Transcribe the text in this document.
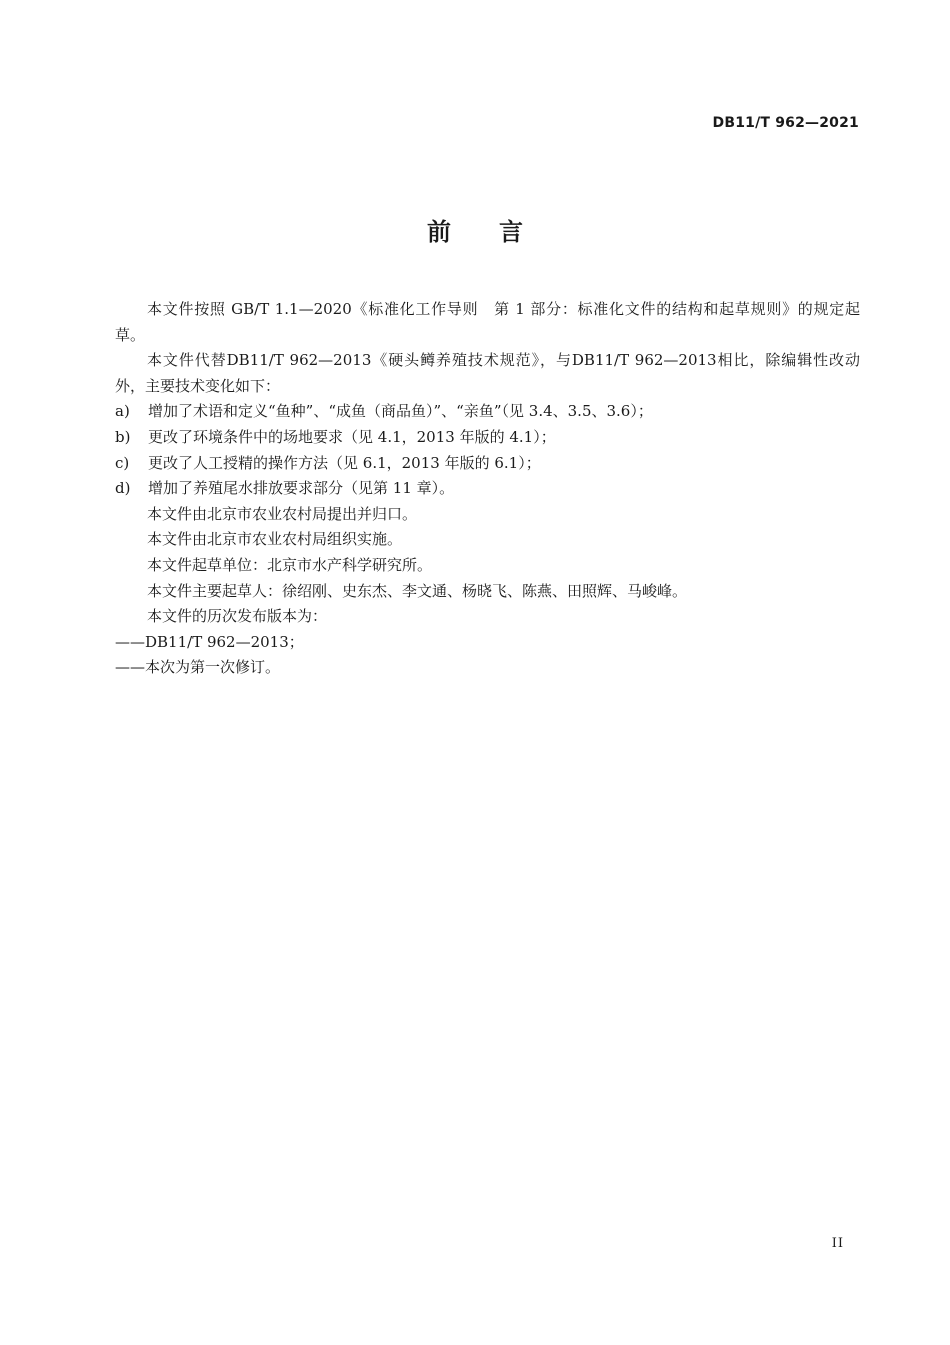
DB11/T 962—2021
前 言

本文件按照 GB/T 1.1—2020《标准化工作导则　第 1 部分：标准化文件的结构和起草规则》的规定起草。

本文件代替DB11/T 962—2013《硬头鳟养殖技术规范》，与DB11/T 962—2013相比，除编辑性改动外，主要技术变化如下：

a) 增加了术语和定义“鱼种”、“成鱼（商品鱼）”、“亲鱼”（见 3.4、3.5、3.6）；

b) 更改了环境条件中的场地要求（见 4.1，2013 年版的 4.1）；

c) 更改了人工授精的操作方法（见 6.1，2013 年版的 6.1）；

d) 增加了养殖尾水排放要求部分（见第 11 章）。

本文件由北京市农业农村局提出并归口。

本文件由北京市农业农村局组织实施。

本文件起草单位：北京市水产科学研究所。

本文件主要起草人：徐绍刚、史东杰、李文通、杨晓飞、陈燕、田照辉、马峻峰。

本文件的历次发布版本为：

——DB11/T 962—2013；

——本次为第一次修订。

II
